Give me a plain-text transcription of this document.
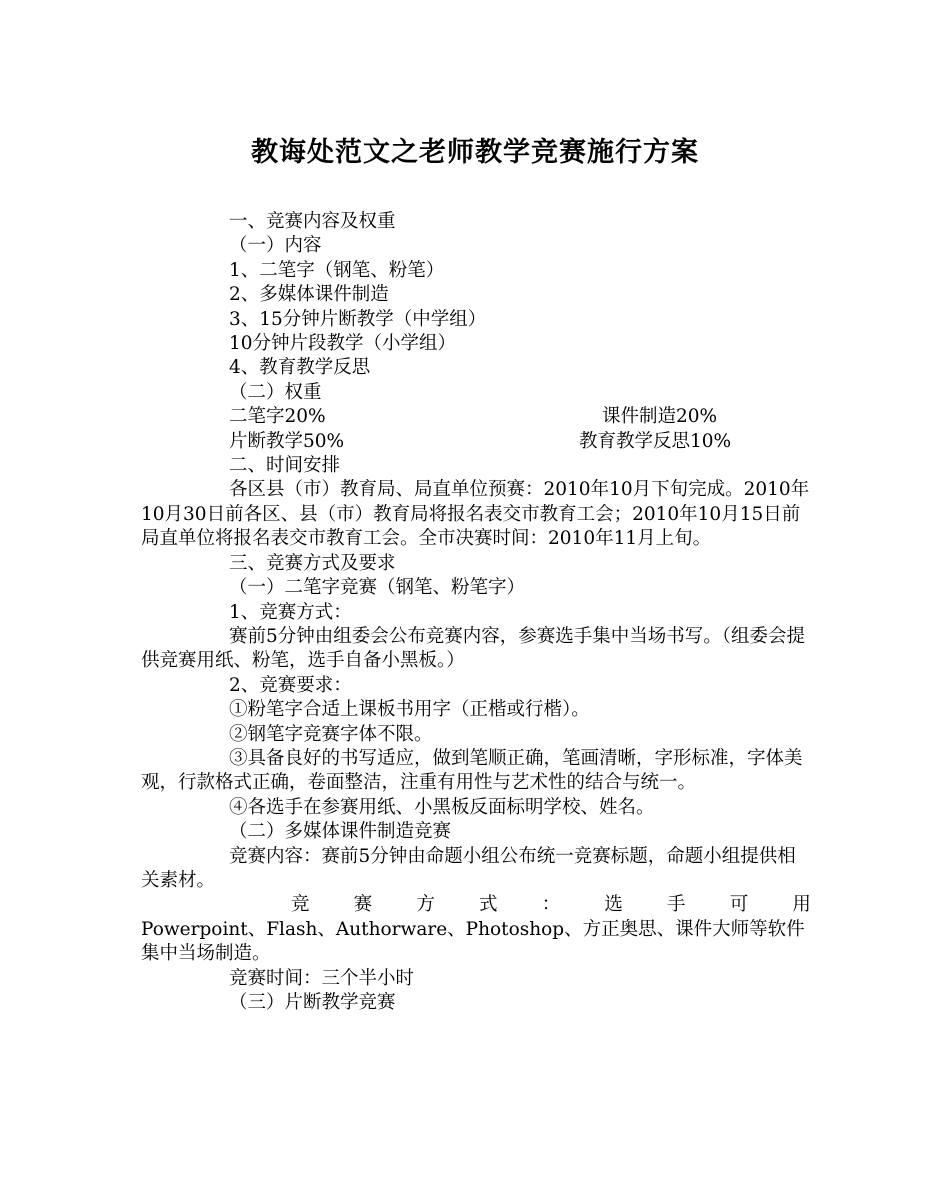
教诲处范文之老师教学竞赛施行方案

一、竞赛内容及权重

（一）内容

1、二笔字（钢笔、粉笔）

2、多媒体课件制造

3、15分钟片断教学（中学组）

10分钟片段教学（小学组）

4、教育教学反思

（二）权重

二笔字20%	课件制造20%
片断教学50%	教育教学反思10%

二、时间安排

各区县（市）教育局、局直单位预赛：2010年10月下旬完成。2010年10月30日前各区、县（市）教育局将报名表交市教育工会；2010年10月15日前局直单位将报名表交市教育工会。全市决赛时间：2010年11月上旬。

三、竞赛方式及要求

（一）二笔字竞赛（钢笔、粉笔字）

1、竞赛方式：

赛前5分钟由组委会公布竞赛内容，参赛选手集中当场书写。（组委会提供竞赛用纸、粉笔，选手自备小黑板。）

2、竞赛要求：

①粉笔字合适上课板书用字（正楷或行楷）。

②钢笔字竞赛字体不限。

③具备良好的书写适应，做到笔顺正确，笔画清晰，字形标准，字体美观，行款格式正确，卷面整洁，注重有用性与艺术性的结合与统一。

④各选手在参赛用纸、小黑板反面标明学校、姓名。

（二）多媒体课件制造竞赛

竞赛内容：赛前5分钟由命题小组公布统一竞赛标题，命题小组提供相关素材。

竞 赛 方 式 ： 选 手 可 用

Powerpoint、Flash、Authorware、Photoshop、方正奥思、课件大师等软件集中当场制造。

竞赛时间：三个半小时

（三）片断教学竞赛
